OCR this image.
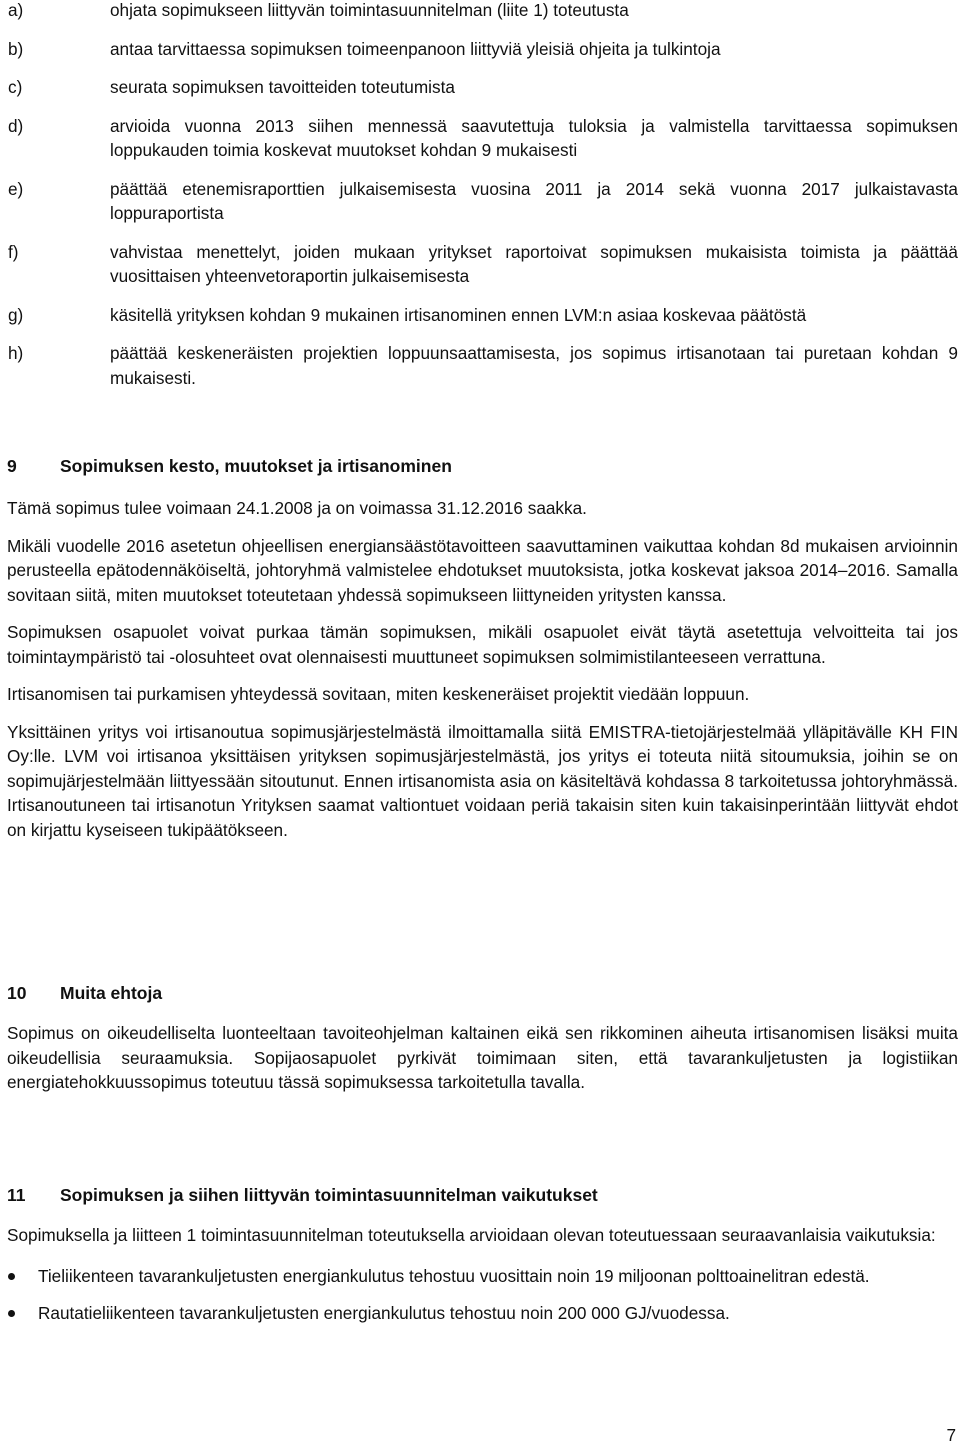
a)	ohjata sopimukseen liittyvän toimintasuunnitelman (liite 1) toteutusta
b)	antaa tarvittaessa sopimuksen toimeenpanoon liittyviä yleisiä ohjeita ja tulkintoja
c)	seurata sopimuksen tavoitteiden toteutumista
d)	arvioida vuonna 2013 siihen mennessä saavutettuja tuloksia ja valmistella tarvittaessa sopimuksen loppukauden toimia koskevat muutokset kohdan 9 mukaisesti
e)	päättää etenemisraporttien julkaisemisesta vuosina 2011 ja 2014 sekä vuonna 2017 julkaistavasta loppuraportista
f)	vahvistaa menettelyt, joiden mukaan yritykset raportoivat sopimuksen mukaisista toimista ja päättää vuosittaisen yhteenvetoraportin julkaisemisesta
g)	käsitellä yrityksen kohdan 9 mukainen irtisanominen ennen LVM:n asiaa koskevaa päätöstä
h)	päättää keskeneräisten projektien loppuunsaattamisesta, jos sopimus irtisanotaan tai puretaan kohdan 9 mukaisesti.
9 Sopimuksen kesto, muutokset ja irtisanominen

Tämä sopimus tulee voimaan 24.1.2008 ja on voimassa 31.12.2016 saakka.

Mikäli vuodelle 2016 asetetun ohjeellisen energiansäästötavoitteen saavuttaminen vaikuttaa kohdan 8d mukaisen arvioinnin perusteella epätodennäköiseltä, johtoryhmä valmistelee ehdotukset muutoksista, jotka koskevat jaksoa 2014–2016. Samalla sovitaan siitä, miten muutokset toteutetaan yhdessä sopimukseen liittyneiden yritysten kanssa.

Sopimuksen osapuolet voivat purkaa tämän sopimuksen, mikäli osapuolet eivät täytä asetettuja velvoitteita tai jos toimintaympäristö tai -olosuhteet ovat olennaisesti muuttuneet sopimuksen solmimistilanteeseen verrattuna.

Irtisanomisen tai purkamisen yhteydessä sovitaan, miten keskeneräiset projektit viedään loppuun.

Yksittäinen yritys voi irtisanoutua sopimusjärjestelmästä ilmoittamalla siitä EMISTRA-tietojärjestelmää ylläpitävälle KH FIN Oy:lle. LVM voi irtisanoa yksittäisen yrityksen sopimusjärjestelmästä, jos yritys ei toteuta niitä sitoumuksia, joihin se on sopimujärjestelmään liittyessään sitoutunut. Ennen irtisanomista asia on käsiteltävä kohdassa 8 tarkoitetussa johtoryhmässä. Irtisanoutuneen tai irtisanotun Yrityksen saamat valtiontuet voidaan periä takaisin siten kuin takaisinperintään liittyvät ehdot on kirjattu kyseiseen tukipäätökseen.

10 Muita ehtoja

Sopimus on oikeudelliselta luonteeltaan tavoiteohjelman kaltainen eikä sen rikkominen aiheuta irtisanomisen lisäksi muita oikeudellisia seuraamuksia. Sopijaosapuolet pyrkivät toimimaan siten, että tavarankuljetusten ja logistiikan energiatehokkuussopimus toteutuu tässä sopimuksessa tarkoitetulla tavalla.

11 Sopimuksen ja siihen liittyvän toimintasuunnitelman vaikutukset

Sopimuksella ja liitteen 1 toimintasuunnitelman toteutuksella arvioidaan olevan toteutuessaan seuraavanlaisia vaikutuksia:

Tieliikenteen tavarankuljetusten energiankulutus tehostuu vuosittain noin 19 miljoonan polttoainelitran edestä.
Rautatieliikenteen tavarankuljetusten energiankulutus tehostuu noin 200 000 GJ/vuodessa.
7
